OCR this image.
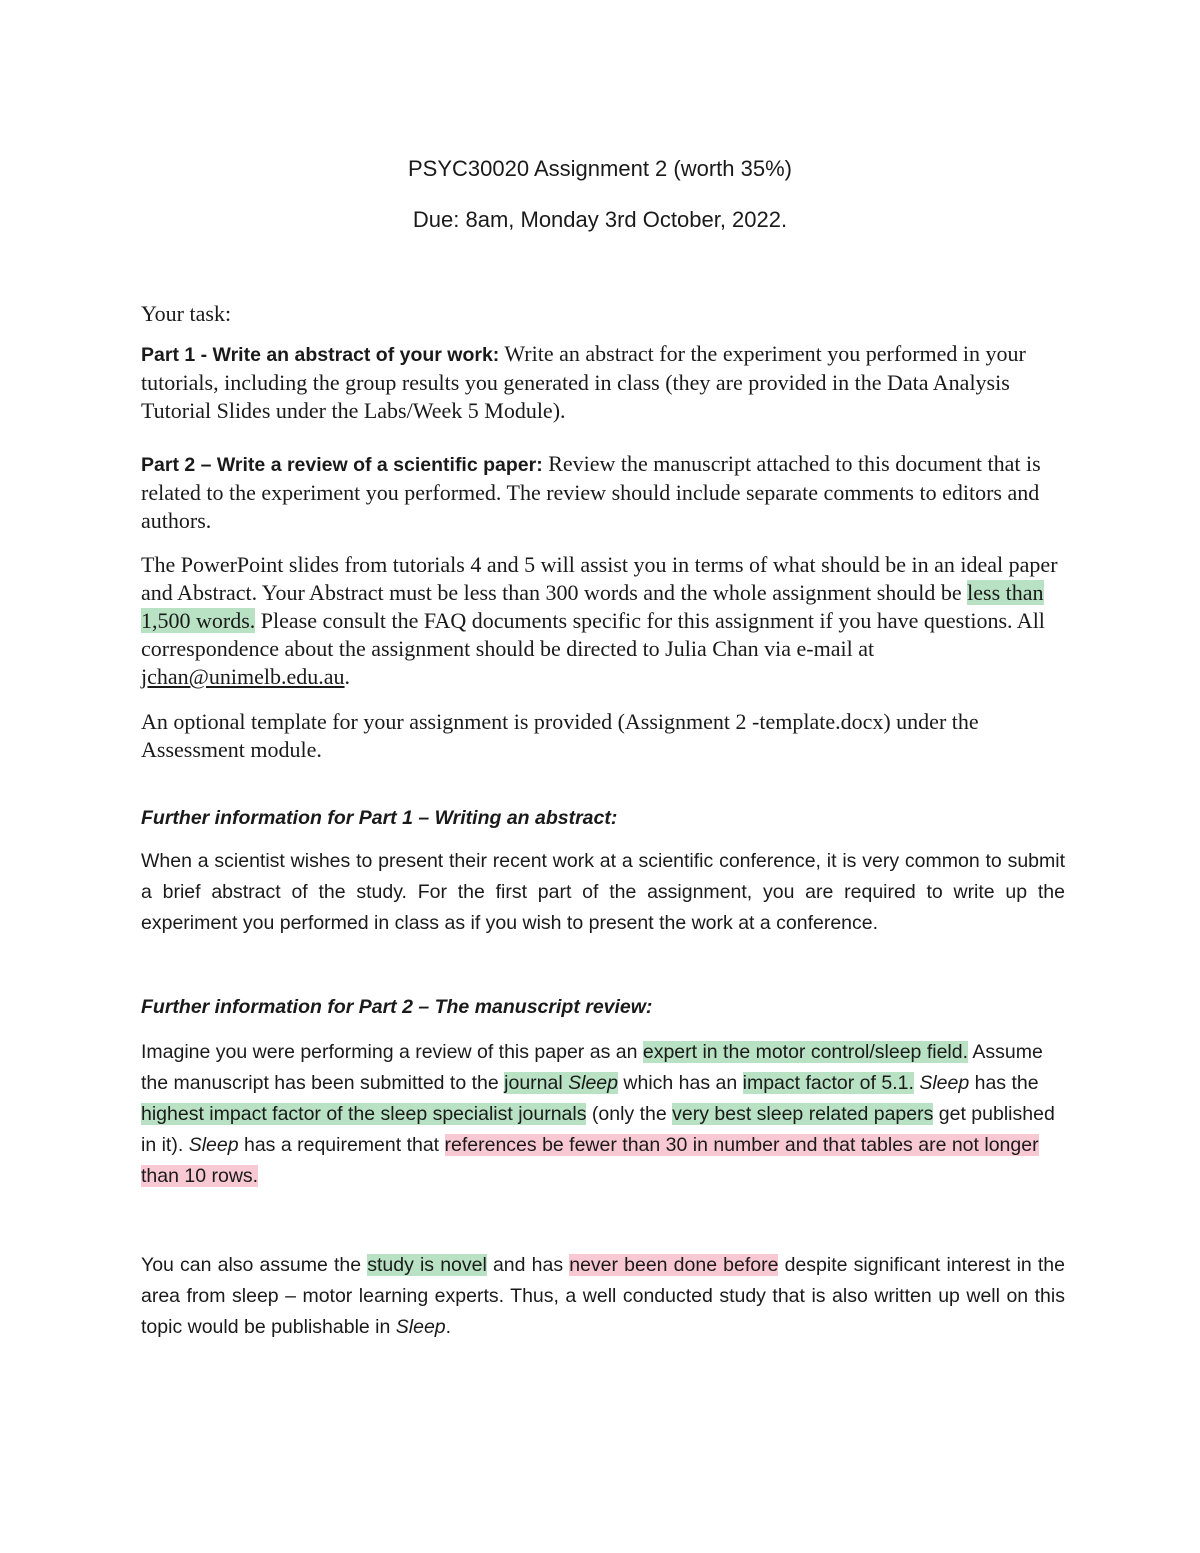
PSYC30020 Assignment 2 (worth 35%)

Due: 8am, Monday 3rd October, 2022.

Your task:

Part 1 - Write an abstract of your work: Write an abstract for the experiment you performed in your tutorials, including the group results you generated in class (they are provided in the Data Analysis Tutorial Slides under the Labs/Week 5 Module).

Part 2 – Write a review of a scientific paper: Review the manuscript attached to this document that is related to the experiment you performed. The review should include separate comments to editors and authors.

The PowerPoint slides from tutorials 4 and 5 will assist you in terms of what should be in an ideal paper and Abstract. Your Abstract must be less than 300 words and the whole assignment should be less than 1,500 words. Please consult the FAQ documents specific for this assignment if you have questions. All correspondence about the assignment should be directed to Julia Chan via e-mail at jchan@unimelb.edu.au.

An optional template for your assignment is provided (Assignment 2 -template.docx) under the Assessment module.

Further information for Part 1 – Writing an abstract:

When a scientist wishes to present their recent work at a scientific conference, it is very common to submit a brief abstract of the study. For the first part of the assignment, you are required to write up the experiment you performed in class as if you wish to present the work at a conference.

Further information for Part 2 – The manuscript review:

Imagine you were performing a review of this paper as an expert in the motor control/sleep field. Assume the manuscript has been submitted to the journal Sleep which has an impact factor of 5.1. Sleep has the highest impact factor of the sleep specialist journals (only the very best sleep related papers get published in it). Sleep has a requirement that references be fewer than 30 in number and that tables are not longer than 10 rows.

You can also assume the study is novel and has never been done before despite significant interest in the area from sleep – motor learning experts. Thus, a well conducted study that is also written up well on this topic would be publishable in Sleep.
